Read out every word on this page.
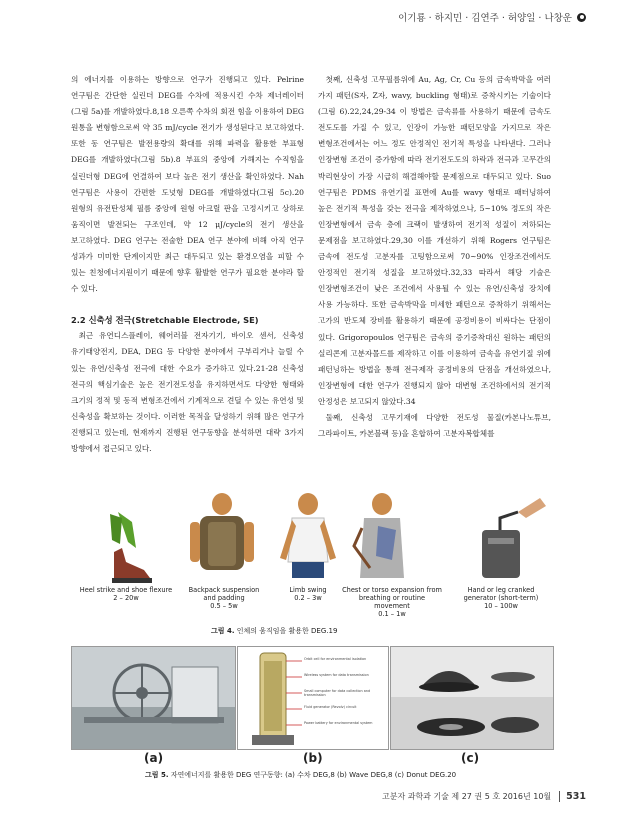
이기룡 · 하지민 · 김연주 · 허양일 · 나창운

의 에너지를 이용하는 방향으로 연구가 진행되고 있다. Pelrine 연구팀은 간단한 실린더 DEG를 수차에 적용시킨 수차 제너레이터(그림 5a)를 개발하였다.8,18 오른쪽 수차의 회전 힘을 이용하여 DEG 원통을 변형함으로써 약 35 mJ/cycle 전기가 생성된다고 보고하였다. 또한 동 연구팀은 발전용량의 확대를 위해 파력을 활용한 부표형 DEG를 개발하였다(그림 5b).8 부표의 중앙에 가해지는 수직힘을 실린더형 DEG에 연결하여 보다 높은 전기 생산을 확인하였다. Nah 연구팀은 사용이 간편한 도넛형 DEG를 개발하였다(그림 5c).20 원형의 유전탄성체 필름 중앙에 원형 아크릴 판을 고정시키고 상하로 움직이면 발전되는 구조인데, 약 12 μJ/cycle의 전기 생산을 보고하였다. DEG 연구는 전술한 DEA 연구 분야에 비해 아직 연구 성과가 미미한 단계이지만 최근 대두되고 있는 환경오염을 피할 수 있는 친청에너지원이기 때문에 향후 활발한 연구가 필요한 분야라 할 수 있다.

2.2 신축성 전극(Stretchable Electrode, SE)

최근 유연디스플레이, 웨어러블 전자기기, 바이오 센서, 신축성 유기태양전지, DEA, DEG 등 다양한 분야에서 구부리거나 늘릴 수 있는 유연/신축성 전극에 대한 수요가 증가하고 있다.21-28 신축성 전극의 핵심기술은 높은 전기전도성을 유지하면서도 다양한 형태와 크기의 정적 및 동적 변형조건에서 기계적으로 견딜 수 있는 유연성 및 신축성을 확보하는 것이다. 이러한 목적을 달성하기 위해 많은 연구가 진행되고 있는데, 현재까지 진행된 연구동향을 분석하면 대략 3가지 방향에서 접근되고 있다.

첫째, 신축성 고무필름위에 Au, Ag, Cr, Cu 등의 금속박막을 여러 가지 패턴(S자, Z자, wavy, buckling 형태)로 증착시키는 기술이다(그림 6).22,24,29-34 이 방법은 금속류를 사용하기 때문에 금속도 전도도를 가질 수 있고, 인장이 가능한 패턴모양을 가지므로 작은 변형조건에서는 어느 정도 안정적인 전기적 특성을 나타낸다. 그러나 인장변형 조건이 증가함에 따라 전기전도도의 하락과 전극과 고무간의 박리현상이 가장 시급히 해결해야할 문제점으로 대두되고 있다. Suo 연구팀은 PDMS 유연기질 표면에 Au를 wavy 형태로 패터닝하여 높은 전기적 특성을 갖는 전극을 제작하였으나, 5~10% 정도의 작은 인장변형에서 금속 층에 크랙이 발생하여 전기적 성질이 저하되는 문제점을 보고하였다.29,30 이를 개선하기 위해 Rogers 연구팀은 금속에 전도성 고분자를 고팅함으로써 70~90% 인장조건에서도 안정적인 전기적 성질을 보고하였다.32,33 따라서 해당 기술은 인장변형조건이 낮은 조건에서 사용될 수 있는 유연/신축성 장치에 사용 가능하다. 또한 금속박막을 미세한 패턴으로 증착하기 위해서는 고가의 반도체 장비를 활용하기 때문에 공정비용이 비싸다는 단점이 있다. Grigoropoulos 연구팀은 금속의 증기증착대신 원하는 패턴의 실리콘계 고분자몰드를 제작하고 이를 이용하여 금속을 유연기질 위에 패턴닝하는 방법을 통해 전극제작 공정비용의 단점을 개선하였으나, 인장변형에 대한 연구가 진행되지 않아 대변형 조건하에서의 전기적 안정성은 보고되지 않았다.34

둘째, 신축성 고무기재에 다양한 전도성 물질(카본나노튜브, 그라파이트, 카본블랙 등)을 혼합하여 고분자복합체를

Heel strike and shoe flexure
2 – 20w
Backpack suspension and padding
0.5 – 5w
Limb swing
0.2 – 3w
Chest or torso expansion from breathing or routine movement
0.1 – 1w
Hand or leg cranked generator (short-term)
10 – 100w
그림 4. 인체의 움직임을 활용한 DEG.19
Orbit cell for environmental isolation
Wireless system for data transmission
Small computer for data collection and transmission
Fluid generator (Revolv) circuit
Power battery for environmental system
(a)	(b)	(c)
그림 5. 자연에너지를 활용한 DEG 연구동향: (a) 수차 DEG,8 (b) Wave DEG,8 (c) Donut DEG.20
고분자 과학과 기술 제 27 권 5 호 2016년 10월	531
